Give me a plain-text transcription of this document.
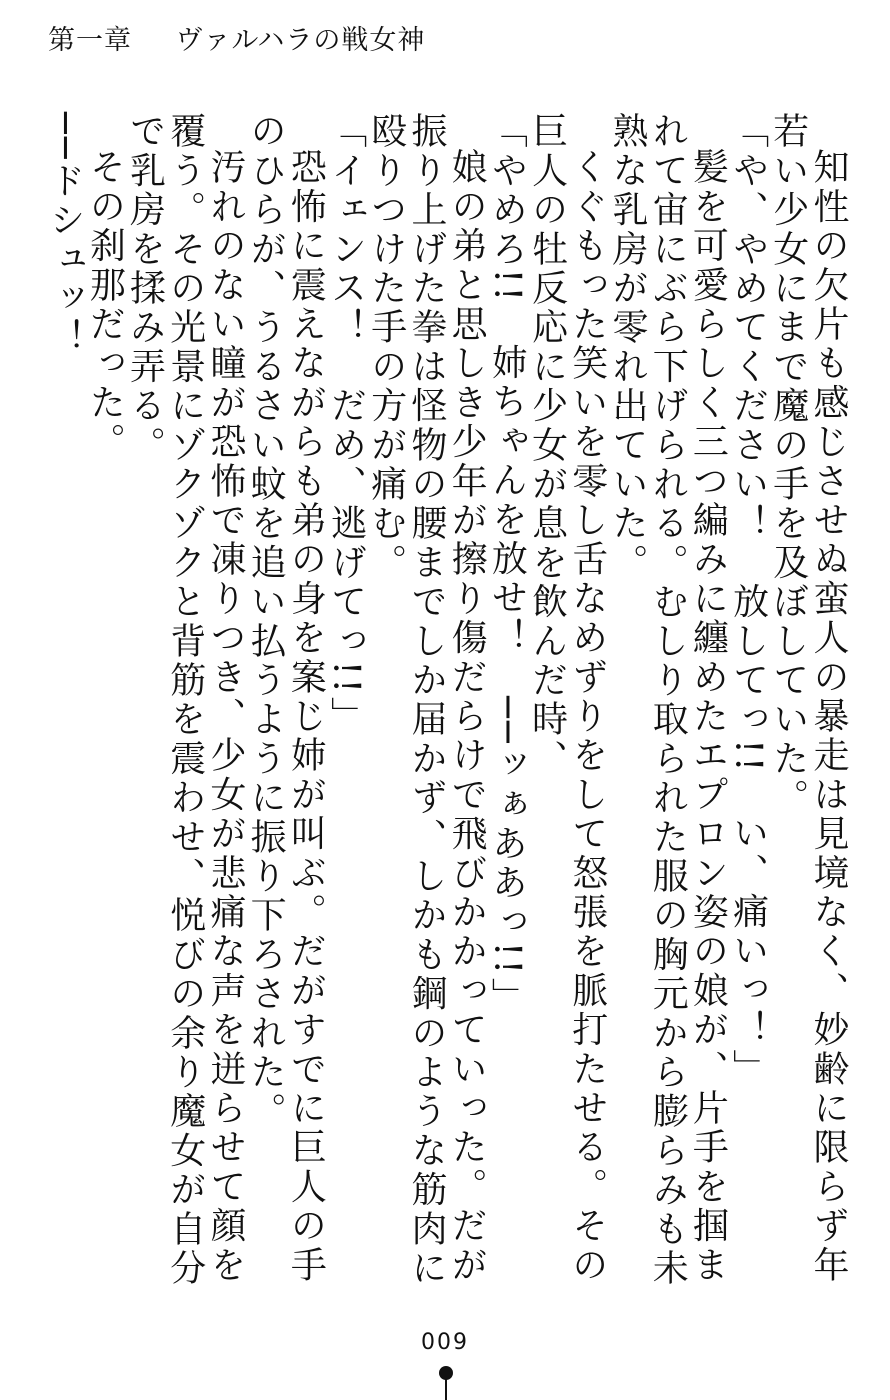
第一章 ヴァルハラの戦女神

知性の欠片も感じさせぬ蛮人の暴走は見境なく、妙齢に限らず年若い少女にまで魔の手を及ぼしていた。

「や、やめてください！　放してっ!!　い、痛いっ！」

髪を可愛らしく三つ編みに纏めたエプロン姿の娘が、片手を掴まれて宙にぶら下げられる。むしり取られた服の胸元から膨らみも未熟な乳房が零れ出ていた。

くぐもった笑いを零し舌なめずりをして怒張を脈打たせる。その巨人の牡反応に少女が息を飲んだ時、

「やめろ!!　姉ちゃんを放せ！　──ッぁああっ!!」

娘の弟と思しき少年が擦り傷だらけで飛びかかっていった。だが振り上げた拳は怪物の腰までしか届かず、しかも鋼のような筋肉に殴りつけた手の方が痛む。

「イェンス！　だめ、逃げてっ!!」

恐怖に震えながらも弟の身を案じ姉が叫ぶ。だがすでに巨人の手のひらが、うるさい蚊を追い払うように振り下ろされた。

汚れのない瞳が恐怖で凍りつき、少女が悲痛な声を迸らせて顔を覆う。その光景にゾクゾクと背筋を震わせ、悦びの余り魔女が自分で乳房を揉み弄る。

その刹那だった。

──ドシュッ！

009
